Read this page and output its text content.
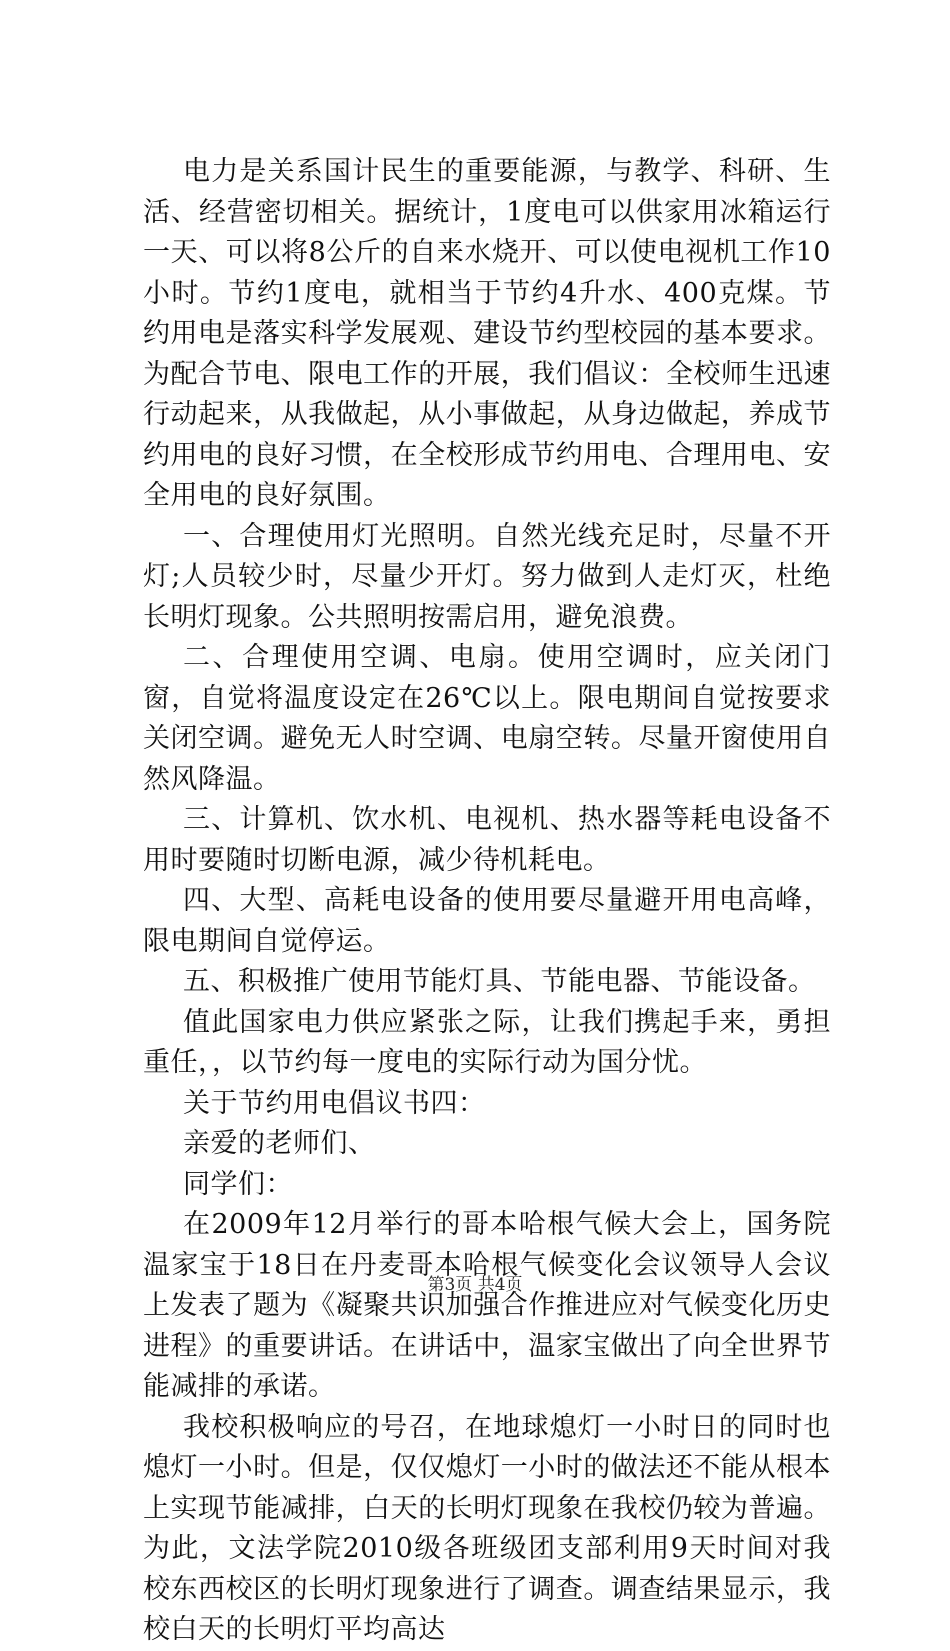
电力是关系国计民生的重要能源，与教学、科研、生活、经营密切相关。据统计，1度电可以供家用冰箱运行一天、可以将8公斤的自来水烧开、可以使电视机工作10小时。节约1度电，就相当于节约4升水、400克煤。节约用电是落实科学发展观、建设节约型校园的基本要求。为配合节电、限电工作的开展，我们倡议：全校师生迅速行动起来，从我做起，从小事做起，从身边做起，养成节约用电的良好习惯，在全校形成节约用电、合理用电、安全用电的良好氛围。

一、合理使用灯光照明。自然光线充足时，尽量不开灯;人员较少时，尽量少开灯。努力做到人走灯灭，杜绝长明灯现象。公共照明按需启用，避免浪费。

二、合理使用空调、电扇。使用空调时，应关闭门窗，自觉将温度设定在26℃以上。限电期间自觉按要求关闭空调。避免无人时空调、电扇空转。尽量开窗使用自然风降温。

三、计算机、饮水机、电视机、热水器等耗电设备不用时要随时切断电源，减少待机耗电。

四、大型、高耗电设备的使用要尽量避开用电高峰，限电期间自觉停运。

五、积极推广使用节能灯具、节能电器、节能设备。

值此国家电力供应紧张之际，让我们携起手来，勇担重任，，以节约每一度电的实际行动为国分忧。

关于节约用电倡议书四：

亲爱的老师们、

同学们：

在2009年12月举行的哥本哈根气候大会上，国务院温家宝于18日在丹麦哥本哈根气候变化会议领导人会议上发表了题为《凝聚共识加强合作推进应对气候变化历史进程》的重要讲话。在讲话中，温家宝做出了向全世界节能减排的承诺。

我校积极响应的号召，在地球熄灯一小时日的同时也熄灯一小时。但是，仅仅熄灯一小时的做法还不能从根本上实现节能减排，白天的长明灯现象在我校仍较为普遍。为此，文法学院2010级各班级团支部利用9天时间对我校东西校区的长明灯现象进行了调查。调查结果显示，我校白天的长明灯平均高达

第3页 共4页
